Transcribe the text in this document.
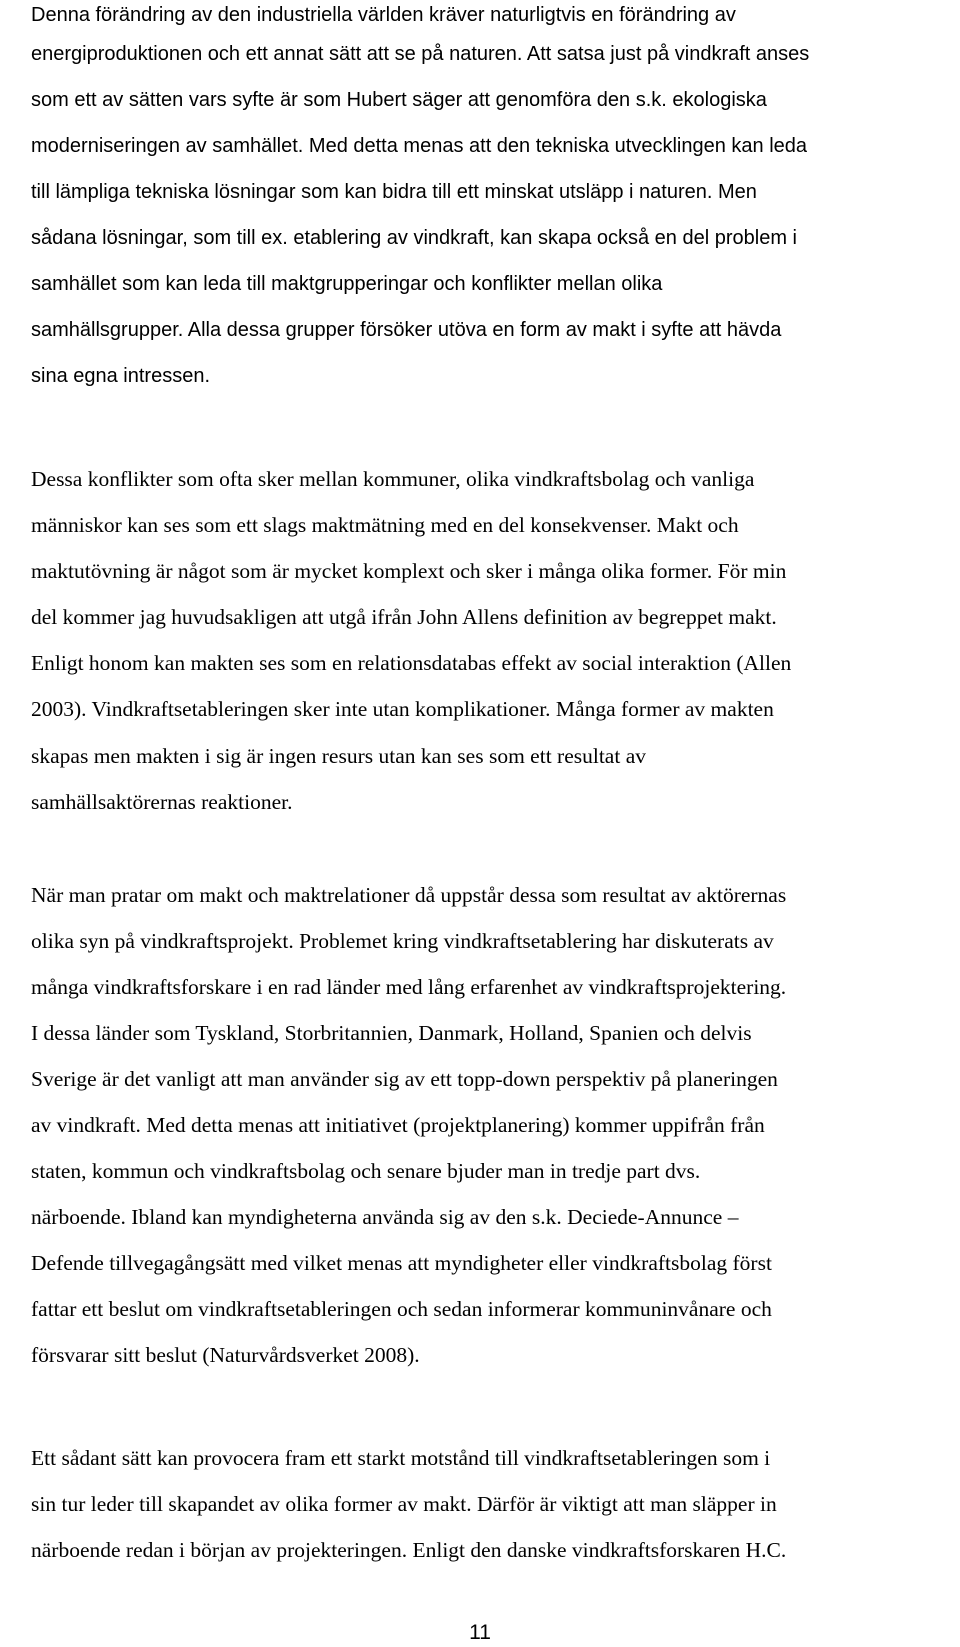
Denna förändring av den industriella världen kräver naturligtvis en förändring av
energiproduktionen och ett annat sätt att se på naturen. Att satsa just på vindkraft anses
som ett av sätten vars syfte är som Hubert säger att genomföra den s.k. ekologiska
moderniseringen av samhället. Med detta menas att den tekniska utvecklingen kan leda
till lämpliga tekniska lösningar som kan bidra till ett minskat utsläpp i naturen. Men
sådana lösningar, som till ex. etablering av vindkraft, kan skapa också en del problem i
samhället som kan leda till maktgrupperingar och konflikter mellan olika
samhällsgrupper. Alla dessa grupper försöker utöva en form av makt i syfte att hävda
sina egna intressen.
Dessa konflikter som ofta sker mellan kommuner, olika vindkraftsbolag och vanliga
människor kan ses som ett slags maktmätning med en del konsekvenser. Makt och
maktutövning är något som är mycket komplext och sker i många olika former. För min
del kommer jag huvudsakligen att utgå ifrån John Allens definition av begreppet makt.
Enligt honom kan makten ses som en relationsdatabas effekt av social interaktion (Allen
2003). Vindkraftsetableringen sker inte utan komplikationer. Många former av makten
skapas men makten i sig är ingen resurs utan kan ses som ett resultat av
samhällsaktörernas reaktioner.
När man pratar om makt och maktrelationer då uppstår dessa som resultat av aktörernas
olika syn på vindkraftsprojekt. Problemet kring vindkraftsetablering har diskuterats av
många vindkraftsforskare i en rad länder med lång erfarenhet av vindkraftsprojektering.
I dessa länder som Tyskland, Storbritannien, Danmark, Holland, Spanien och delvis
Sverige är det vanligt att man använder sig av ett topp-down perspektiv på planeringen
av vindkraft. Med detta menas att initiativet (projektplanering) kommer uppifrån från
staten, kommun och vindkraftsbolag och senare bjuder man in tredje part dvs.
närboende. Ibland kan myndigheterna använda sig av den s.k. Deciede-Annunce –
Defende tillvegagångsätt med vilket menas att myndigheter eller vindkraftsbolag först
fattar ett beslut om vindkraftsetableringen och sedan informerar kommuninvånare och
försvarar sitt beslut (Naturvårdsverket 2008).
Ett sådant sätt kan provocera fram ett starkt motstånd till vindkraftsetableringen som i
sin tur leder till skapandet av olika former av makt. Därför är viktigt att man släpper in
närboende redan i början av projekteringen. Enligt den danske vindkraftsforskaren H.C.
11
